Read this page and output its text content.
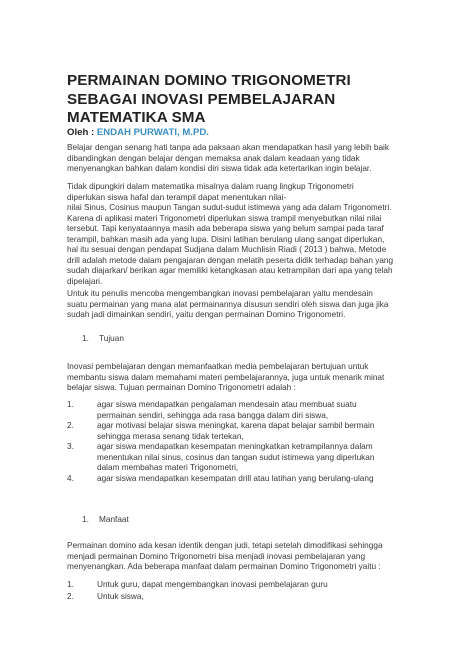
PERMAINAN DOMINO TRIGONOMETRI
SEBAGAI INOVASI PEMBELAJARAN
MATEMATIKA SMA
Oleh : ENDAH PURWATI, M.PD.
Belajar dengan senang hati tanpa ada paksaan akan mendapatkan hasil yang lebih baik
dibandingkan dengan belajar dengan memaksa anak dalam keadaan yang tidak
menyenangkan bahkan dalam kondisi diri siswa tidak ada ketertarikan ingin belajar.
Tidak dipungkiri dalam matematika misalnya dalam ruang lingkup Trigonometri
diperlukan siswa hafal dan terampil dapat menentukan nilai-
nilai Sinus, Cosinus maupun Tangan sudut-sudut istimewa yang ada dalam Trigonometri.
Karena di aplikasi materi Trigonometri diperlukan siswa trampil menyebutkan nilai nilai
tersebut. Tapi kenyataannya masih ada beberapa siswa yang belum sampai pada taraf
terampil, bahkan masih ada yang lupa. Disini latihan berulang ulang sangat diperlukan,
hal itu sesuai dengan pendapat Sudjana dalam Muchlisin Riadi ( 2013 ) bahwa, Metode
drill adalah metode dalam pengajaran dengan melatih peserta didik terhadap bahan yang
sudah diajarkan/ berikan agar memiliki ketangkasan atau ketrampilan dari apa yang telah
dipelajari.
Untuk itu penulis mencoba mengembangkan inovasi pembelajaran yaitu mendesain
suatu permainan yang mana alat permainannya disusun sendiri oleh siswa dan juga jika
sudah jadi dimainkan sendiri, yaitu dengan permainan Domino Trigonometri.
1. Tujuan
Inovasi pembelajaran dengan memanfaatkan media pembelajaran bertujuan untuk
membantu siswa dalam memahami materi pembelajarannya, juga untuk menarik minat
belajar siswa. Tujuan permainan Domino Trigonometri adalah :
1.	agar siswa mendapatkan pengalaman mendesain atau membuat suatu
permainan sendiri, sehingga ada rasa bangga dalam diri siswa,
2.	agar motivasi belajar siswa meningkat, karena dapat belajar sambil bermain
sehingga merasa senang tidak tertekan,
3.	agar siswa mendapatkan kesempatan meningkatkan ketrampilannya dalam
menentukan nilai sinus, cosinus dan tangan sudut istimewa yang diperlukan
dalam membahas materi Trigonometri,
4.	agar siswa mendapatkan kesempatan drill atau latihan yang berulang-ulang
1. Manfaat
Permainan domino ada kesan identik dengan judi, tetapi setelah dimodifikasi sehingga
menjadi permainan Domino Trigonometri bisa menjadi inovasi pembelajaran yang
menyenangkan. Ada beberapa manfaat dalam permainan Domino Trigonometri yaitu :
1.	Untuk guru, dapat mengembangkan inovasi pembelajaran guru
2.	Untuk siswa,
